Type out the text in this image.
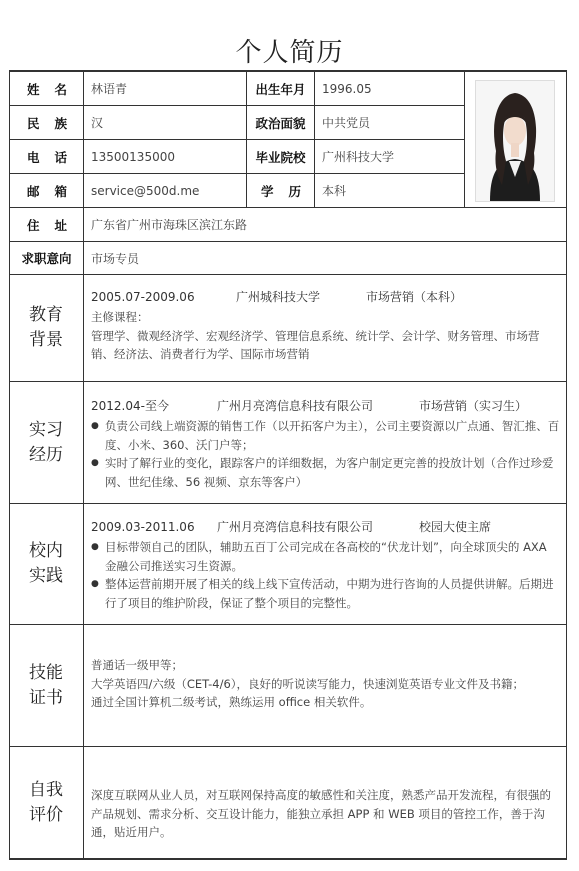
个人简历
姓 名 林语青	出生年月	1996.05
民 族 汉	政治面貌	中共党员
电 话 13500135000	毕业院校	广州科技大学
邮 箱 service@500d.me	学 历 本科
住 址 广东省广州市海珠区滨江东路
求职意向	市场专员
教育
背景
2005.07-2009.06	广州城科技大学	市场营销（本科）
主修课程：
管理学、微观经济学、宏观经济学、管理信息系统、统计学、会计学、财务管理、市场营销、经济法、消费者行为学、国际市场营销
实习
经历
2012.04-至今	广州月亮湾信息科技有限公司	市场营销（实习生）
● 负责公司线上端资源的销售工作（以开拓客户为主），公司主要资源以广点通、智汇推、百度、小米、360、沃门户等；
● 实时了解行业的变化，跟踪客户的详细数据，为客户制定更完善的投放计划（合作过珍爱网、世纪佳缘、56 视频、京东等客户）
校内
实践
2009.03-2011.06 广州月亮湾信息科技有限公司	校园大使主席
● 目标带领自己的团队，辅助五百丁公司完成在各高校的“伏龙计划”，向全球顶尖的 AXA 金融公司推送实习生资源。
● 整体运营前期开展了相关的线上线下宣传活动，中期为进行咨询的人员提供讲解。后期进行了项目的维护阶段，保证了整个项目的完整性。
技能
证书
普通话一级甲等；
大学英语四/六级（CET-4/6），良好的听说读写能力，快速浏览英语专业文件及书籍；
通过全国计算机二级考试，熟练运用 office 相关软件。
自我
评价
深度互联网从业人员，对互联网保持高度的敏感性和关注度，熟悉产品开发流程，有很强的产品规划、需求分析、交互设计能力，能独立承担 APP 和 WEB 项目的管控工作，善于沟通，贴近用户。
